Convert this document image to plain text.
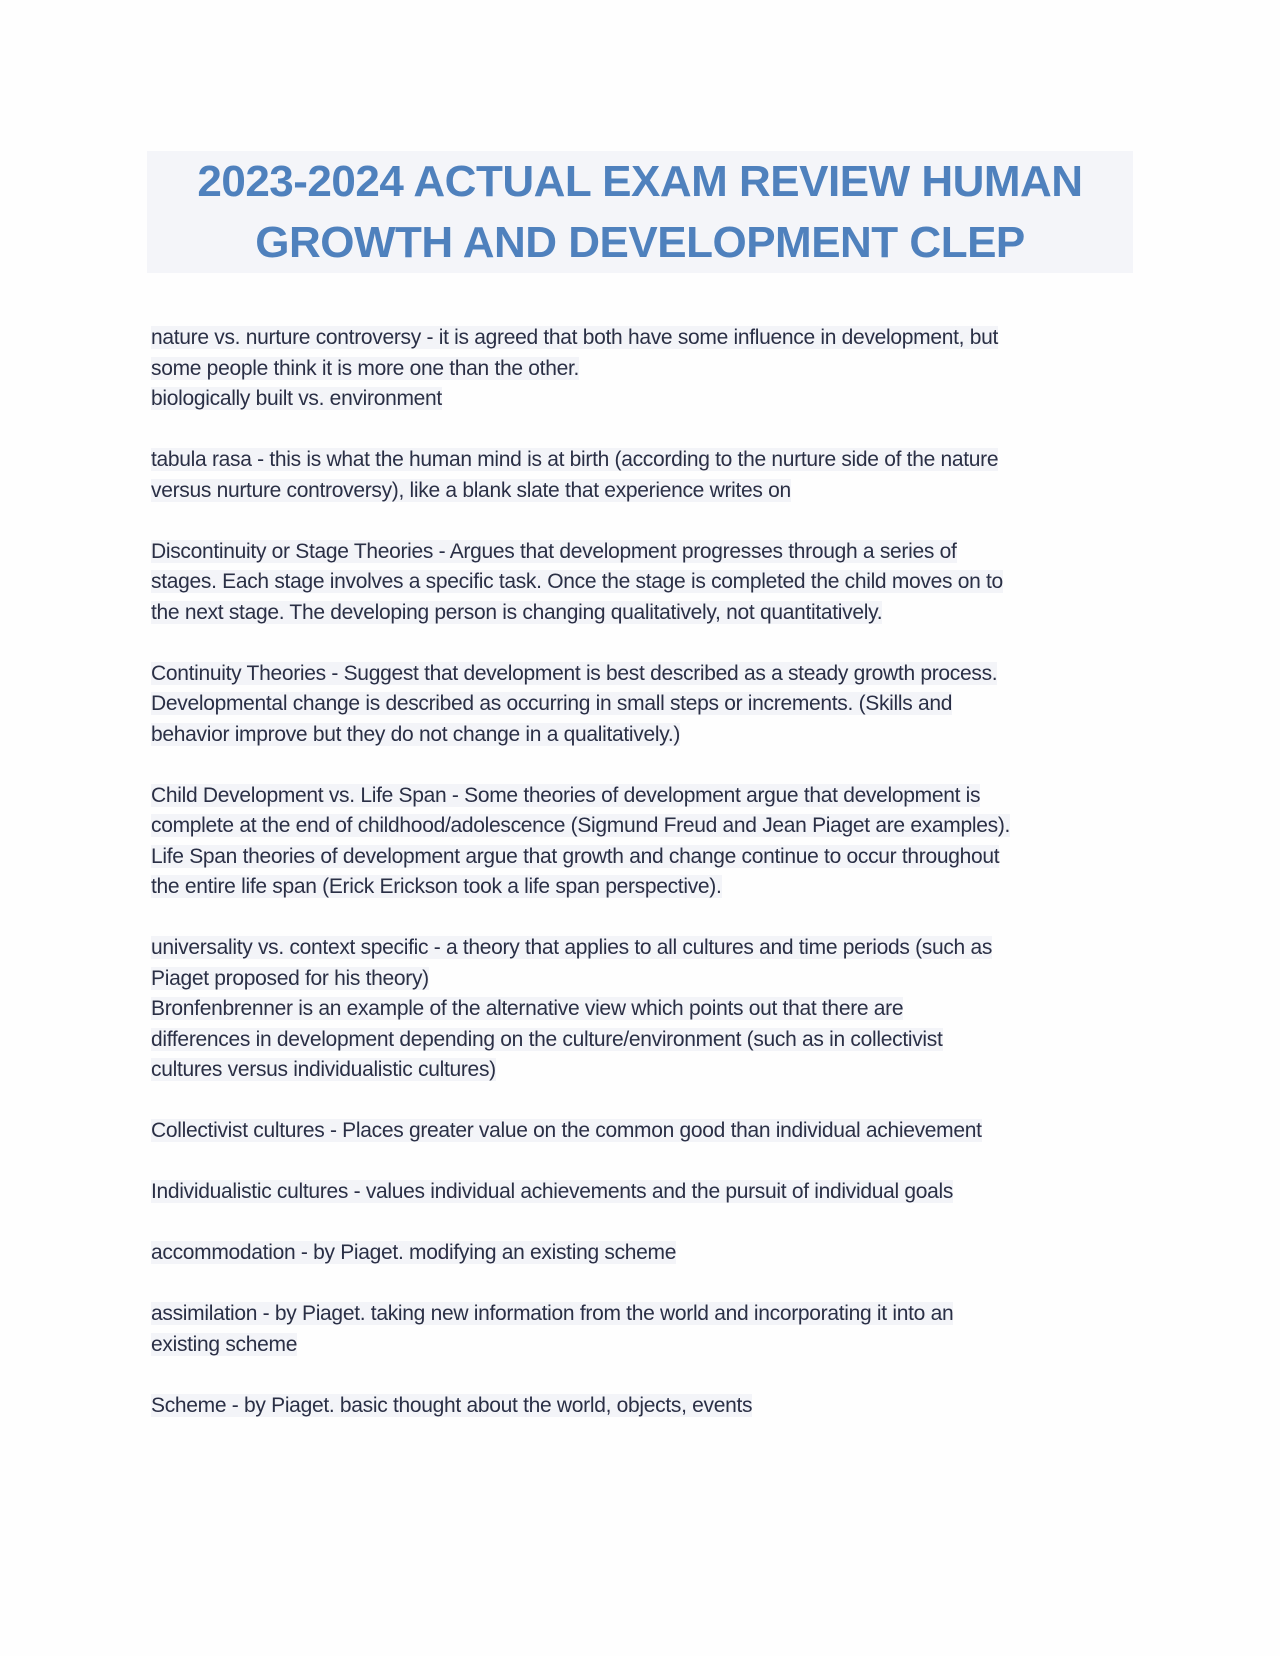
2023-2024 ACTUAL EXAM REVIEW HUMAN
GROWTH AND DEVELOPMENT CLEP

nature vs. nurture controversy - it is agreed that both have some influence in development, but
some people think it is more one than the other.
biologically built vs. environment

tabula rasa - this is what the human mind is at birth (according to the nurture side of the nature
versus nurture controversy), like a blank slate that experience writes on

Discontinuity or Stage Theories - Argues that development progresses through a series of
stages. Each stage involves a specific task. Once the stage is completed the child moves on to
the next stage. The developing person is changing qualitatively, not quantitatively.

Continuity Theories - Suggest that development is best described as a steady growth process.
Developmental change is described as occurring in small steps or increments. (Skills and
behavior improve but they do not change in a qualitatively.)

Child Development vs. Life Span - Some theories of development argue that development is
complete at the end of childhood/adolescence (Sigmund Freud and Jean Piaget are examples).
Life Span theories of development argue that growth and change continue to occur throughout
the entire life span (Erick Erickson took a life span perspective).

universality vs. context specific - a theory that applies to all cultures and time periods (such as
Piaget proposed for his theory)
Bronfenbrenner is an example of the alternative view which points out that there are
differences in development depending on the culture/environment (such as in collectivist
cultures versus individualistic cultures)

Collectivist cultures - Places greater value on the common good than individual achievement

Individualistic cultures - values individual achievements and the pursuit of individual goals

accommodation - by Piaget. modifying an existing scheme

assimilation - by Piaget. taking new information from the world and incorporating it into an
existing scheme

Scheme - by Piaget. basic thought about the world, objects, events
